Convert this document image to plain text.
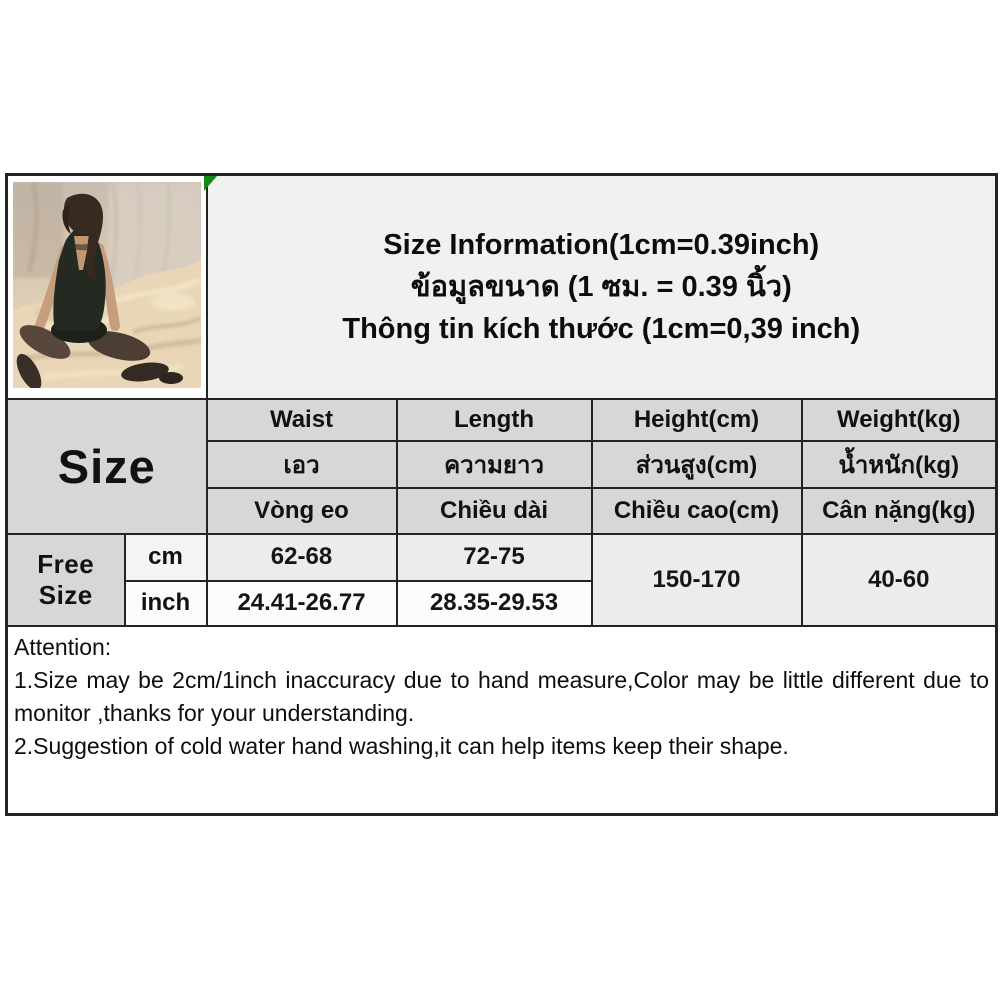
Size Information(1cm=0.39inch)
ข้อมูลขนาด (1 ซม. = 0.39 นิ้ว)
Thông tin kích thước (1cm=0,39 inch)			

Size		Waist	Length	Height(cm)	Weight(kg)
		เอว	ความยาว	ส่วนสูง(cm)	น้ำหนัก(kg)
		Vòng eo	Chiều dài	Chiều cao(cm)	Cân nặng(kg)
Free Size	cm	62-68	72-75	150-170	40-60
	inch	24.41-26.77	28.35-29.53		

Attention:
1.Size may be 2cm/1inch inaccuracy due to hand measure,Color may be little different due to monitor ,thanks for your understanding.
2.Suggestion of cold water hand washing,it can help items keep their shape.					
